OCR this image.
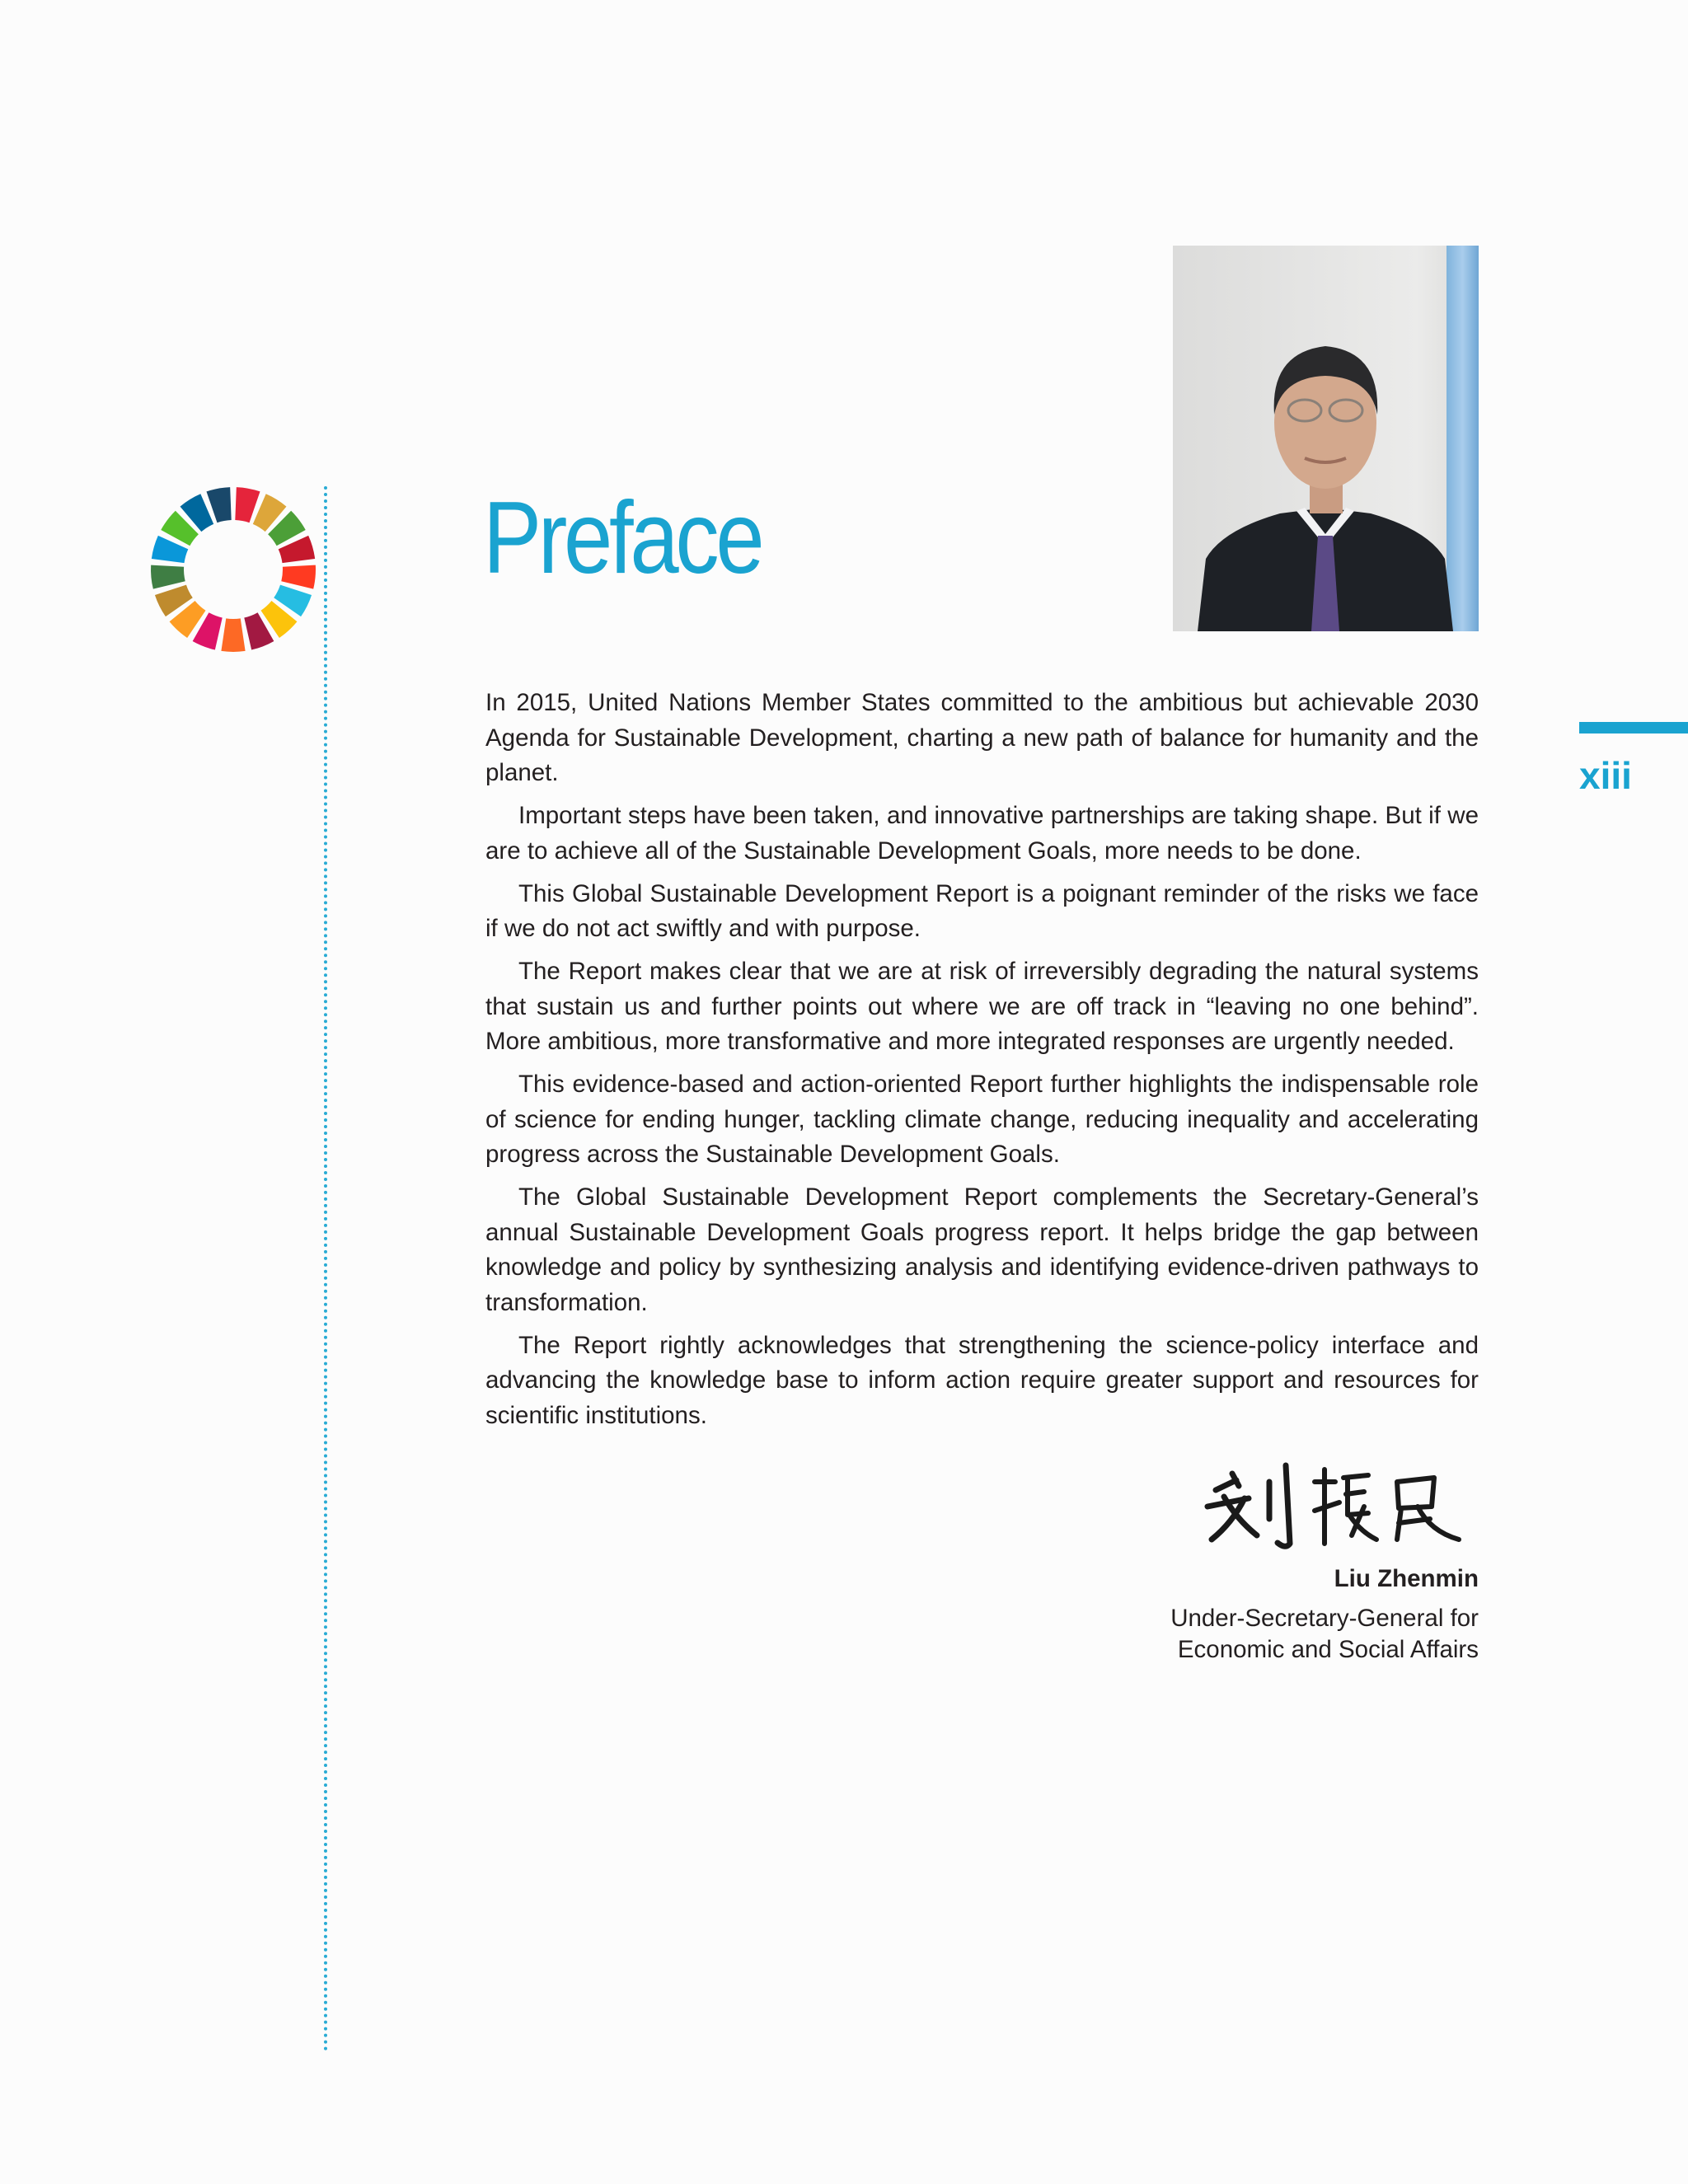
Preface
xiii

In 2015, United Nations Member States committed to the ambitious but achievable 2030 Agenda for Sustainable Development, charting a new path of balance for humanity and the planet.

Important steps have been taken, and innovative partnerships are taking shape. But if we are to achieve all of the Sustainable Development Goals, more needs to be done.

This Global Sustainable Development Report is a poignant reminder of the risks we face if we do not act swiftly and with purpose.

The Report makes clear that we are at risk of irreversibly degrading the natural systems that sustain us and further points out where we are off track in “leaving no one behind”. More ambitious, more transformative and more integrated responses are urgently needed.

This evidence-based and action-oriented Report further highlights the indispensable role of science for ending hunger, tackling climate change, reducing inequality and accelerating progress across the Sustainable Development Goals.

The Global Sustainable Development Report complements the Secretary-General’s annual Sustainable Development Goals progress report. It helps bridge the gap between knowledge and policy by synthesizing analysis and identifying evidence-driven pathways to transformation.

The Report rightly acknowledges that strengthening the science-policy interface and advancing the knowledge base to inform action require greater support and resources for scientific institutions.

Liu Zhenmin
Under-Secretary-General for
Economic and Social Affairs
